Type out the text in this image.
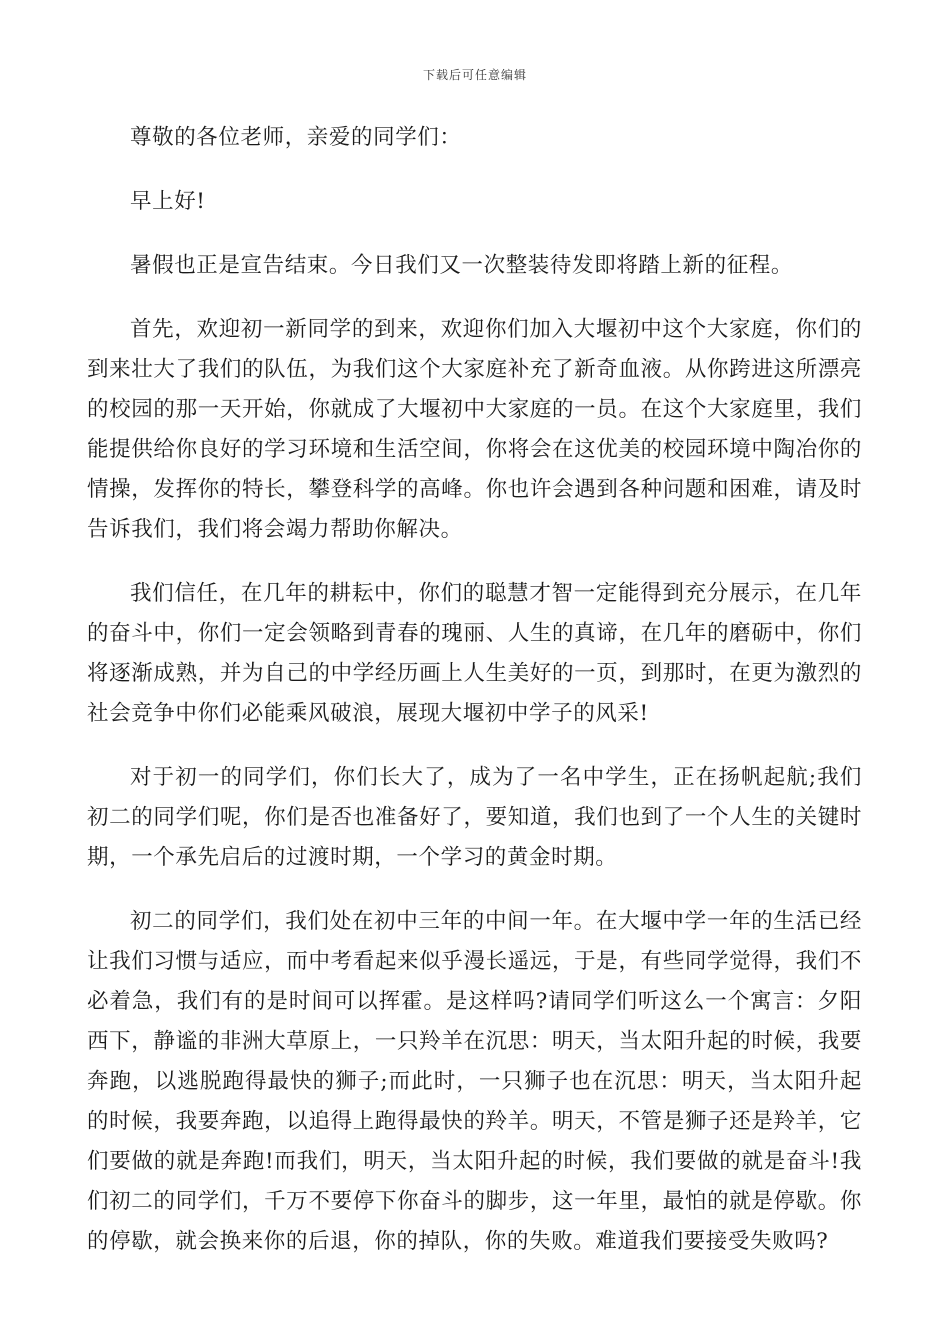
下载后可任意编辑

尊敬的各位老师，亲爱的同学们：

早上好!

暑假也正是宣告结束。今日我们又一次整装待发即将踏上新的征程。

首先，欢迎初一新同学的到来，欢迎你们加入大堰初中这个大家庭，你们的到来壮大了我们的队伍，为我们这个大家庭补充了新奇血液。从你跨进这所漂亮的校园的那一天开始，你就成了大堰初中大家庭的一员。在这个大家庭里，我们能提供给你良好的学习环境和生活空间，你将会在这优美的校园环境中陶冶你的情操，发挥你的特长，攀登科学的高峰。你也许会遇到各种问题和困难，请及时告诉我们，我们将会竭力帮助你解决。

我们信任，在几年的耕耘中，你们的聪慧才智一定能得到充分展示，在几年的奋斗中，你们一定会领略到青春的瑰丽、人生的真谛，在几年的磨砺中，你们将逐渐成熟，并为自己的中学经历画上人生美好的一页，到那时，在更为激烈的社会竞争中你们必能乘风破浪，展现大堰初中学子的风采!

对于初一的同学们，你们长大了，成为了一名中学生，正在扬帆起航;我们初二的同学们呢，你们是否也准备好了，要知道，我们也到了一个人生的关键时期，一个承先启后的过渡时期，一个学习的黄金时期。

初二的同学们，我们处在初中三年的中间一年。在大堰中学一年的生活已经让我们习惯与适应，而中考看起来似乎漫长遥远，于是，有些同学觉得，我们不必着急，我们有的是时间可以挥霍。是这样吗?请同学们听这么一个寓言：夕阳西下，静谧的非洲大草原上，一只羚羊在沉思：明天，当太阳升起的时候，我要奔跑，以逃脱跑得最快的狮子;而此时，一只狮子也在沉思：明天，当太阳升起的时候，我要奔跑，以追得上跑得最快的羚羊。明天，不管是狮子还是羚羊，它们要做的就是奔跑!而我们，明天，当太阳升起的时候，我们要做的就是奋斗!我们初二的同学们，千万不要停下你奋斗的脚步，这一年里，最怕的就是停歇。你的停歇，就会换来你的后退，你的掉队，你的失败。难道我们要接受失败吗?
